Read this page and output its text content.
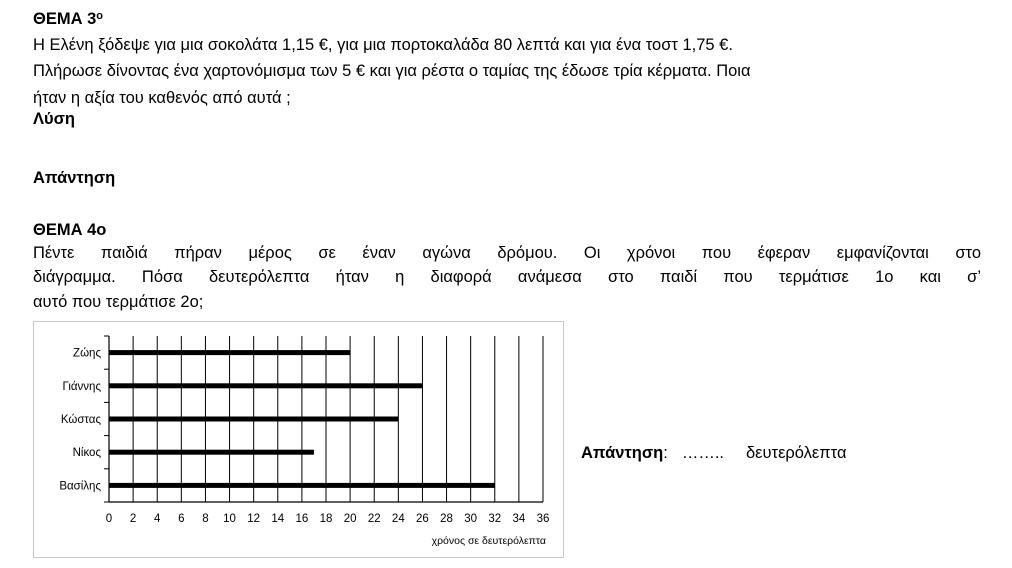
ΘΕΜΑ 3$^o$
Η Ελένη ξόδεψε για μια σοκολάτα 1,15 €, για μια πορτοκαλάδα 80 λεπτά και για ένα τοστ 1,75 €.
Πλήρωσε δίνοντας ένα χαρτονόμισμα των 5 € και για ρέστα ο ταμίας της έδωσε τρία κέρματα. Ποια
ήταν η αξία του καθενός από αυτά ;
Λύση
Απάντηση
ΘΕΜΑ 4ο
Πέντε παιδιά πήραν μέρος σε έναν αγώνα δρόμου. Οι χρόνοι που έφεραν εμφανίζονται στο
διάγραμμα. Πόσα δευτερόλεπτα ήταν η διαφορά ανάμεσα στο παιδί που τερμάτισε 1ο και σ’
αυτό που τερμάτισε 2ο;
Ζώης
Γιάννης
Κώστας
Νίκος
Βασίλης
0 2 4 6 8 10 12 14 16 18 20 22 24 26 28 30 32 34 36
χρόνος σε δευτερόλεπτα
Απάντηση: …….. δευτερόλεπτα
